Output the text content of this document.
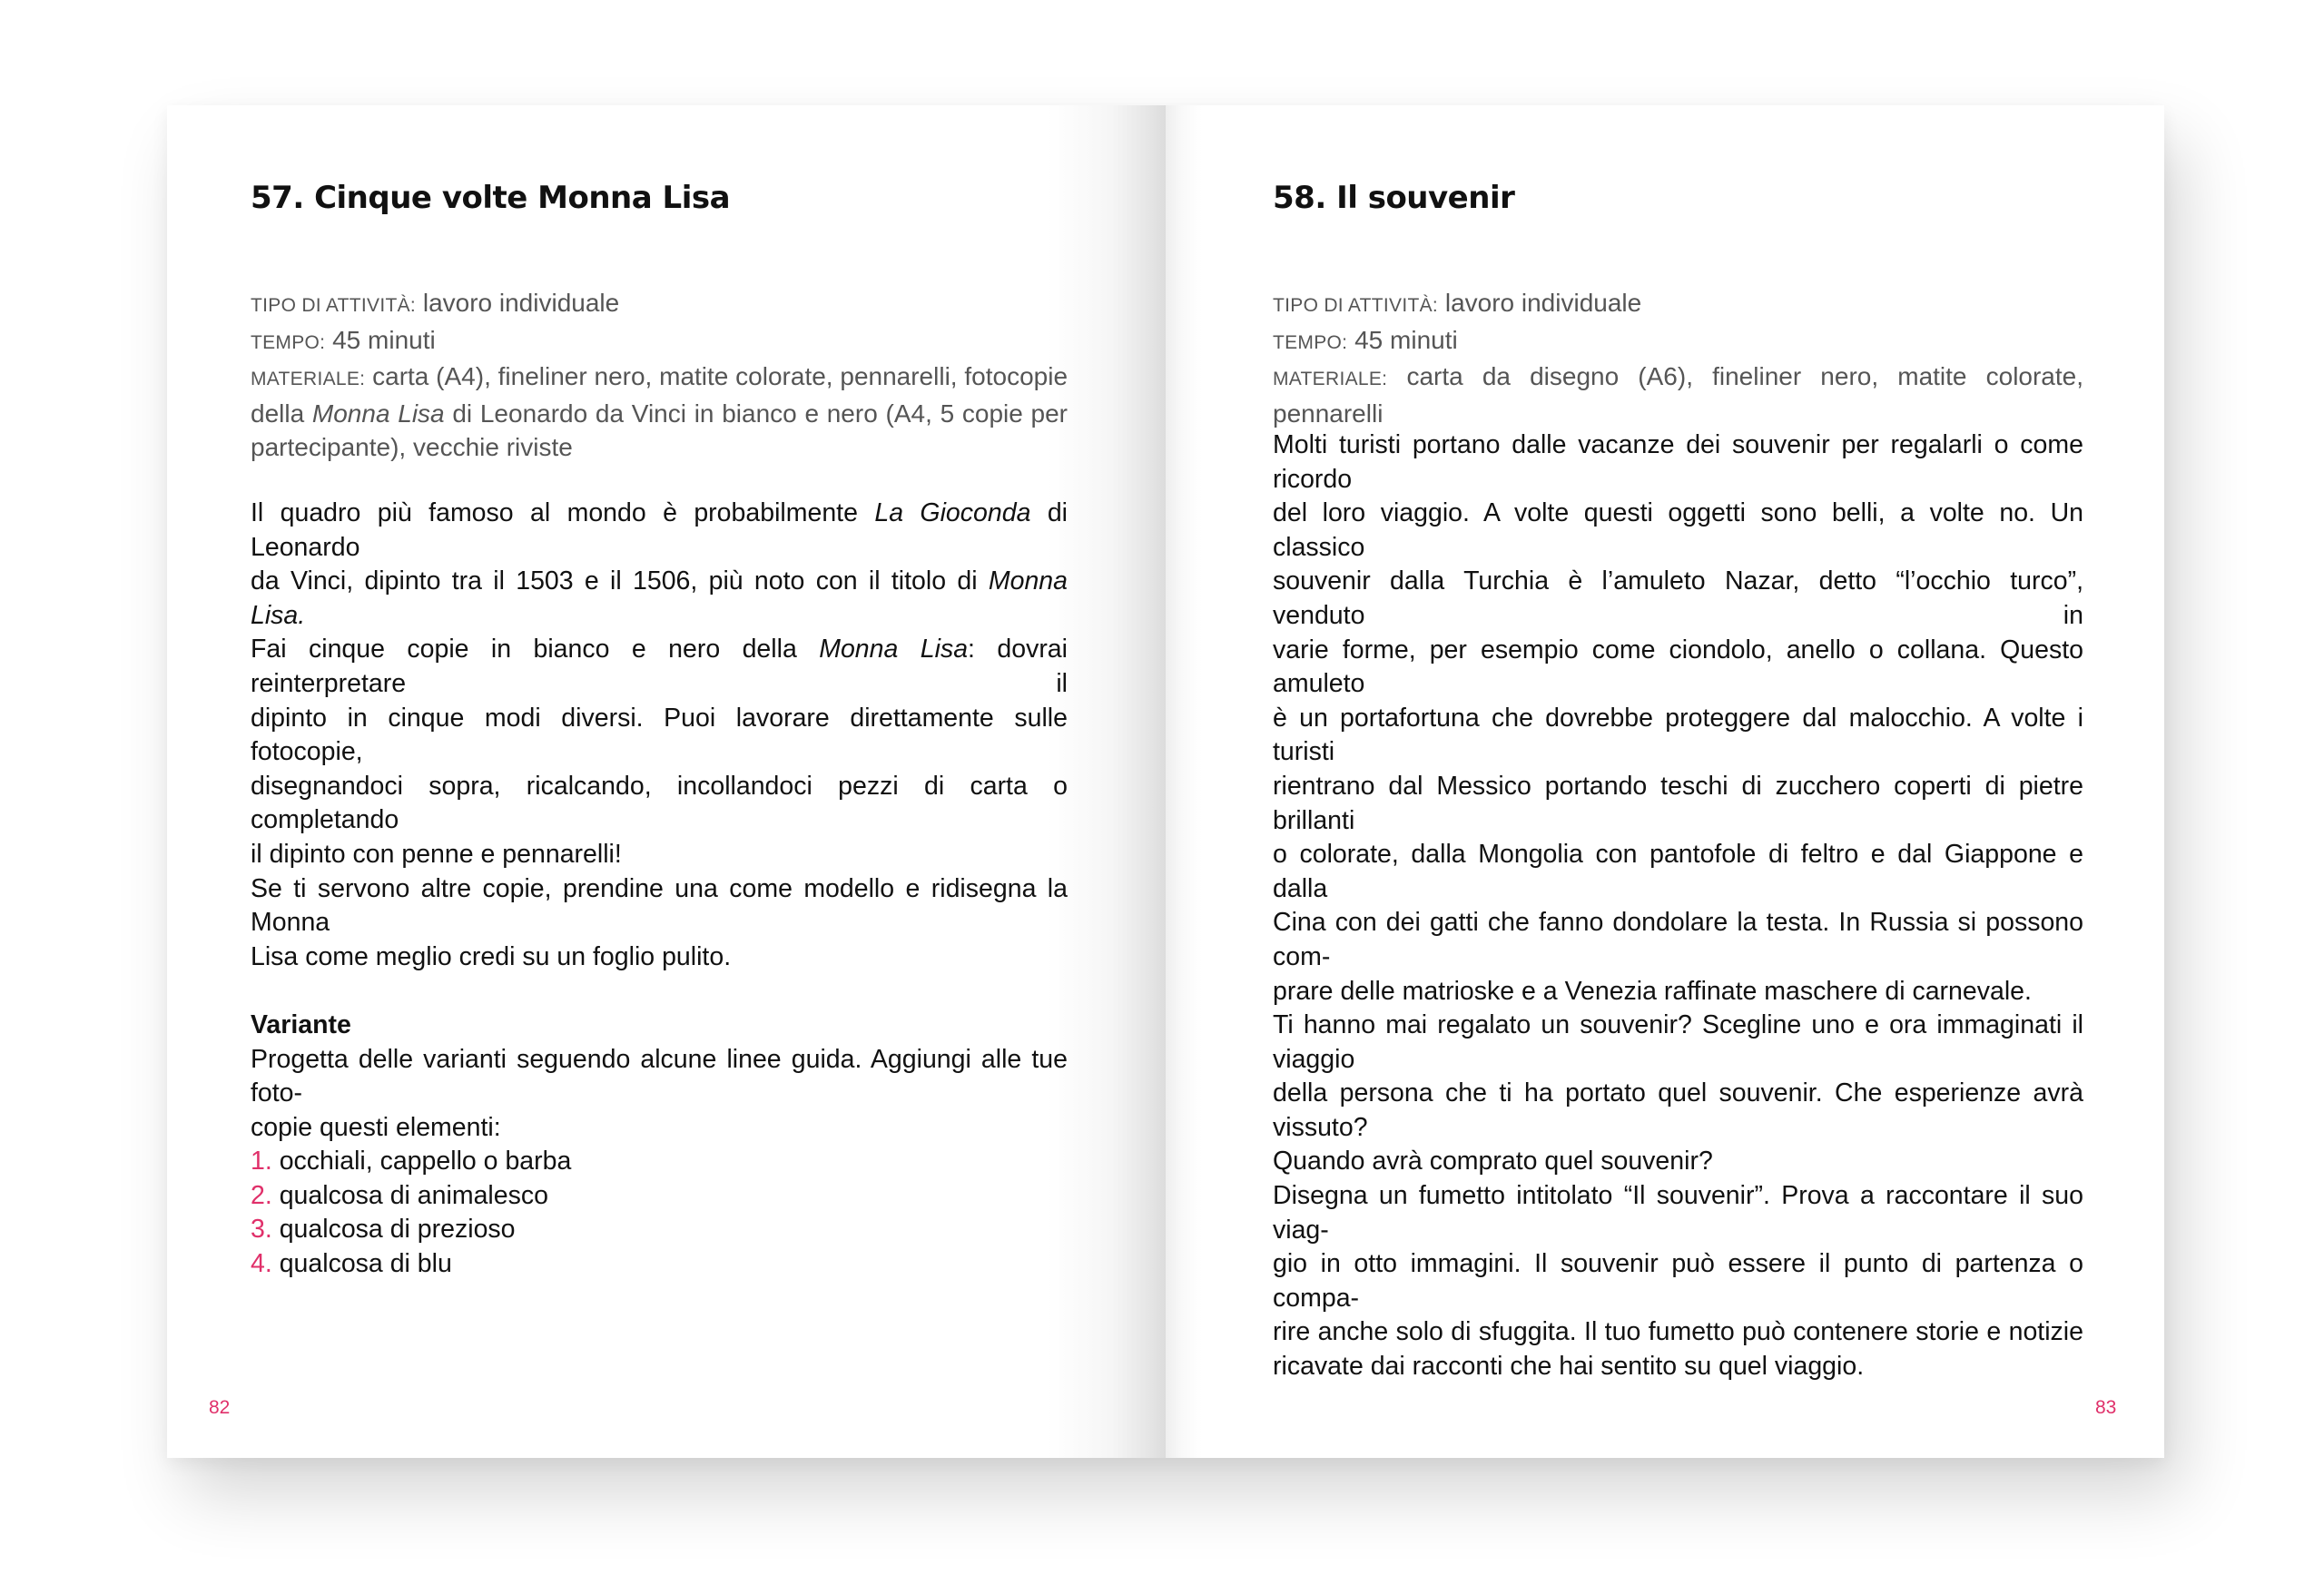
57. Cinque volte Monna Lisa
TIPO DI ATTIVITÀ: lavoro individuale
TEMPO: 45 minuti
MATERIALE: carta (A4), fineliner nero, matite colorate, pennarelli, fotocopie
della Monna Lisa di Leonardo da Vinci in bianco e nero (A4, 5 copie per
partecipante), vecchie riviste
Il quadro più famoso al mondo è probabilmente La Gioconda di Leonardo
da Vinci, dipinto tra il 1503 e il 1506, più noto con il titolo di Monna Lisa.
Fai cinque copie in bianco e nero della Monna Lisa: dovrai reinterpretare il
dipinto in cinque modi diversi. Puoi lavorare direttamente sulle fotocopie,
disegnandoci sopra, ricalcando, incollandoci pezzi di carta o completando
il dipinto con penne e pennarelli!
Se ti servono altre copie, prendine una come modello e ridisegna la Monna
Lisa come meglio credi su un foglio pulito.
Variante
Progetta delle varianti seguendo alcune linee guida. Aggiungi alle tue foto-
copie questi elementi:
1. occhiali, cappello o barba
2. qualcosa di animalesco
3. qualcosa di prezioso
4. qualcosa di blu
82
58. Il souvenir
TIPO DI ATTIVITÀ: lavoro individuale
TEMPO: 45 minuti
MATERIALE: carta da disegno (A6), fineliner nero, matite colorate, pennarelli
Molti turisti portano dalle vacanze dei souvenir per regalarli o come ricordo
del loro viaggio. A volte questi oggetti sono belli, a volte no. Un classico
souvenir dalla Turchia è l’amuleto Nazar, detto “l’occhio turco”, venduto in
varie forme, per esempio come ciondolo, anello o collana. Questo amuleto
è un portafortuna che dovrebbe proteggere dal malocchio. A volte i turisti
rientrano dal Messico portando teschi di zucchero coperti di pietre brillanti
o colorate, dalla Mongolia con pantofole di feltro e dal Giappone e dalla
Cina con dei gatti che fanno dondolare la testa. In Russia si possono com-
prare delle matrioske e a Venezia raffinate maschere di carnevale.
Ti hanno mai regalato un souvenir? Scegline uno e ora immaginati il viaggio
della persona che ti ha portato quel souvenir. Che esperienze avrà vissuto?
Quando avrà comprato quel souvenir?
Disegna un fumetto intitolato “Il souvenir”. Prova a raccontare il suo viag-
gio in otto immagini. Il souvenir può essere il punto di partenza o compa-
rire anche solo di sfuggita. Il tuo fumetto può contenere storie e notizie
ricavate dai racconti che hai sentito su quel viaggio.
83
